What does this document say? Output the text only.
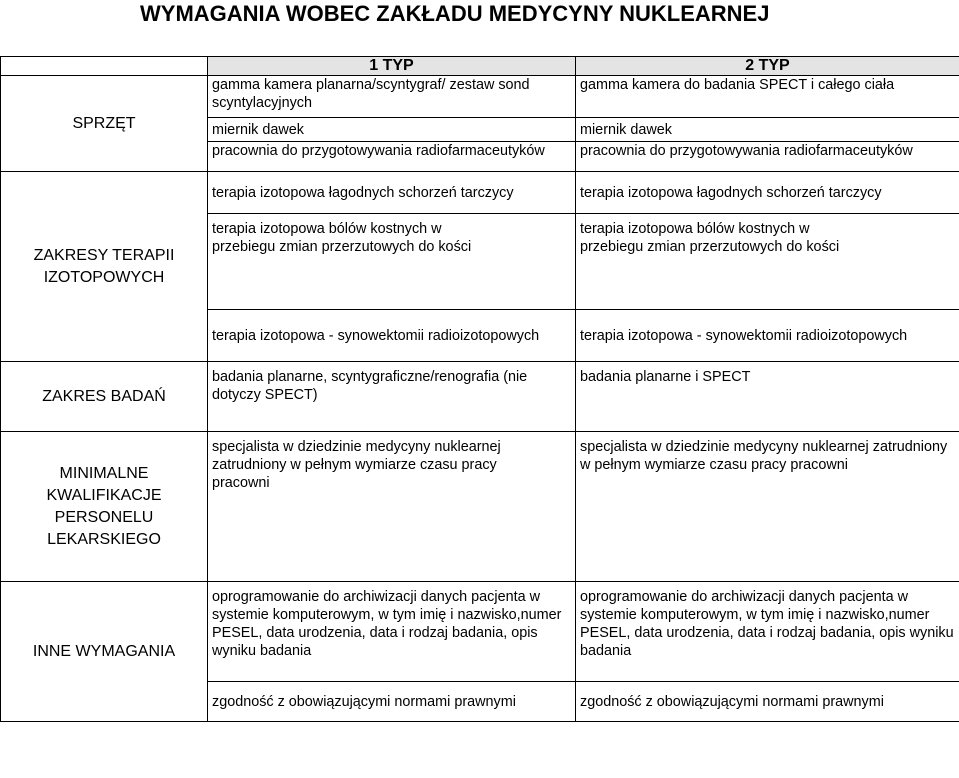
WYMAGANIA WOBEC ZAKŁADU MEDYCYNY NUKLEARNEJ
	1 TYP	2 TYP
SPRZĘT	gamma kamera planarna/scyntygraf/ zestaw sond scyntylacyjnych	gamma kamera do badania SPECT i całego ciała
	miernik dawek	miernik dawek
	pracownia do przygotowywania radiofarmaceutyków	pracownia do przygotowywania radiofarmaceutyków
ZAKRESY TERAPII IZOTOPOWYCH	terapia izotopowa łagodnych schorzeń tarczycy	terapia izotopowa łagodnych schorzeń tarczycy
	terapia izotopowa bólów kostnych w przebiegu zmian przerzutowych do kości	terapia izotopowa bólów kostnych w przebiegu zmian przerzutowych do kości
	terapia izotopowa - synowektomii radioizotopowych	terapia izotopowa - synowektomii radioizotopowych
ZAKRES BADAŃ	badania planarne, scyntygraficzne/renografia (nie dotyczy SPECT)	badania planarne i SPECT
MINIMALNE KWALIFIKACJE PERSONELU LEKARSKIEGO	specjalista w dziedzinie medycyny nuklearnej zatrudniony w pełnym wymiarze czasu pracy pracowni	specjalista w dziedzinie medycyny nuklearnej zatrudniony w pełnym wymiarze czasu pracy pracowni
INNE WYMAGANIA	oprogramowanie do archiwizacji danych pacjenta w systemie komputerowym, w tym imię i nazwisko,numer PESEL, data urodzenia, data i rodzaj badania, opis wyniku badania	oprogramowanie do archiwizacji danych pacjenta w systemie komputerowym, w tym imię i nazwisko,numer PESEL, data urodzenia, data i rodzaj badania, opis wyniku badania
	zgodność z obowiązującymi normami prawnymi	zgodność z obowiązującymi normami prawnymi
